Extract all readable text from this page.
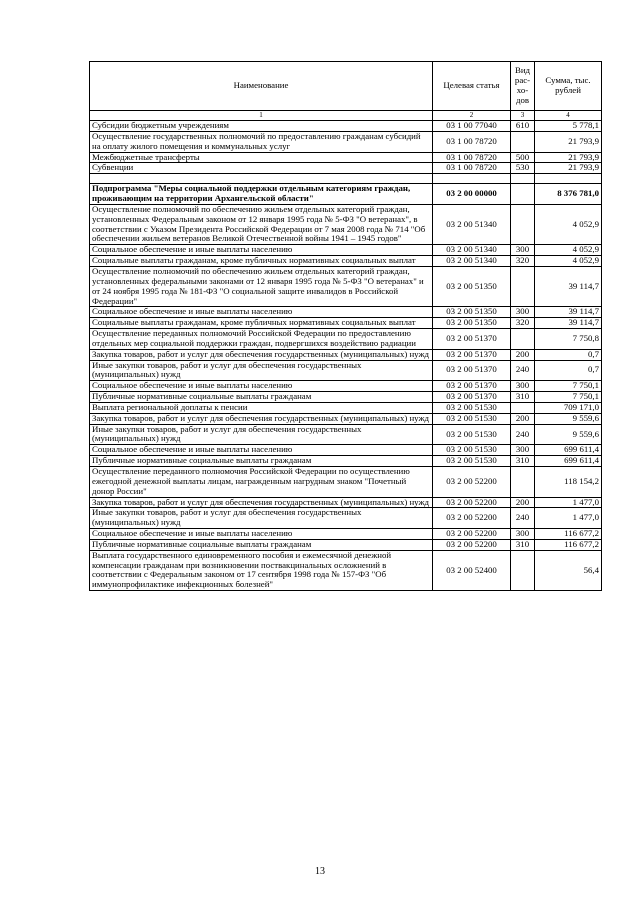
Наименование	Целевая статья	Вид рас-хо-дов	Сумма, тыс. рублей
1	2	3	4
Субсидии бюджетным учреждениям	03 1 00 77040	610	5 778,1
Осуществление государственных полномочий по предоставлению гражданам субсидий на оплату жилого помещения и коммунальных услуг	03 1 00 78720		21 793,9
Межбюджетные трансферты	03 1 00 78720	500	21 793,9
Субвенции	03 1 00 78720	530	21 793,9

Подпрограмма "Меры социальной поддержки отдельным категориям граждан, проживающим на территории Архангельской области"	03 2 00 00000		8 376 781,0
Осуществление полномочий по обеспечению жильем отдельных категорий граждан, установленных Федеральным законом от 12 января 1995 года № 5-ФЗ "О ветеранах", в соответствии с Указом Президента Российской Федерации от 7 мая 2008 года № 714 "Об обеспечении жильем ветеранов Великой Отечественной войны 1941 – 1945 годов"	03 2 00 51340		4 052,9
Социальное обеспечение и иные выплаты населению	03 2 00 51340	300	4 052,9
Социальные выплаты гражданам, кроме публичных нормативных социальных выплат	03 2 00 51340	320	4 052,9
Осуществление полномочий по обеспечению жильем отдельных категорий граждан, установленных федеральными законами от 12 января 1995 года № 5-ФЗ "О ветеранах" и от 24 ноября 1995 года № 181-ФЗ "О социальной защите инвалидов в Российской Федерации"	03 2 00 51350		39 114,7
Социальное обеспечение и иные выплаты населению	03 2 00 51350	300	39 114,7
Социальные выплаты гражданам, кроме публичных нормативных социальных выплат	03 2 00 51350	320	39 114,7
Осуществление переданных полномочий Российской Федерации по предоставлению отдельных мер социальной поддержки граждан, подвергшихся воздействию радиации	03 2 00 51370		7 750,8
Закупка товаров, работ и услуг для обеспечения государственных (муниципальных) нужд	03 2 00 51370	200	0,7
Иные закупки товаров, работ и услуг для обеспечения государственных (муниципальных) нужд	03 2 00 51370	240	0,7
Социальное обеспечение и иные выплаты населению	03 2 00 51370	300	7 750,1
Публичные нормативные социальные выплаты гражданам	03 2 00 51370	310	7 750,1
Выплата региональной доплаты к пенсии	03 2 00 51530		709 171,0
Закупка товаров, работ и услуг для обеспечения государственных (муниципальных) нужд	03 2 00 51530	200	9 559,6
Иные закупки товаров, работ и услуг для обеспечения государственных (муниципальных) нужд	03 2 00 51530	240	9 559,6
Социальное обеспечение и иные выплаты населению	03 2 00 51530	300	699 611,4
Публичные нормативные социальные выплаты гражданам	03 2 00 51530	310	699 611,4
Осуществление переданного полномочия Российской Федерации по осуществлению ежегодной денежной выплаты лицам, награжденным нагрудным знаком "Почетный донор России"	03 2 00 52200		118 154,2
Закупка товаров, работ и услуг для обеспечения государственных (муниципальных) нужд	03 2 00 52200	200	1 477,0
Иные закупки товаров, работ и услуг для обеспечения государственных (муниципальных) нужд	03 2 00 52200	240	1 477,0
Социальное обеспечение и иные выплаты населению	03 2 00 52200	300	116 677,2
Публичные нормативные социальные выплаты гражданам	03 2 00 52200	310	116 677,2
Выплата государственного единовременного пособия и ежемесячной денежной компенсации гражданам при возникновении поствакцинальных осложнений в соответствии с Федеральным законом от 17 сентября 1998 года № 157-ФЗ "Об иммунопрофилактике инфекционных болезней"	03 2 00 52400		56,4
13
